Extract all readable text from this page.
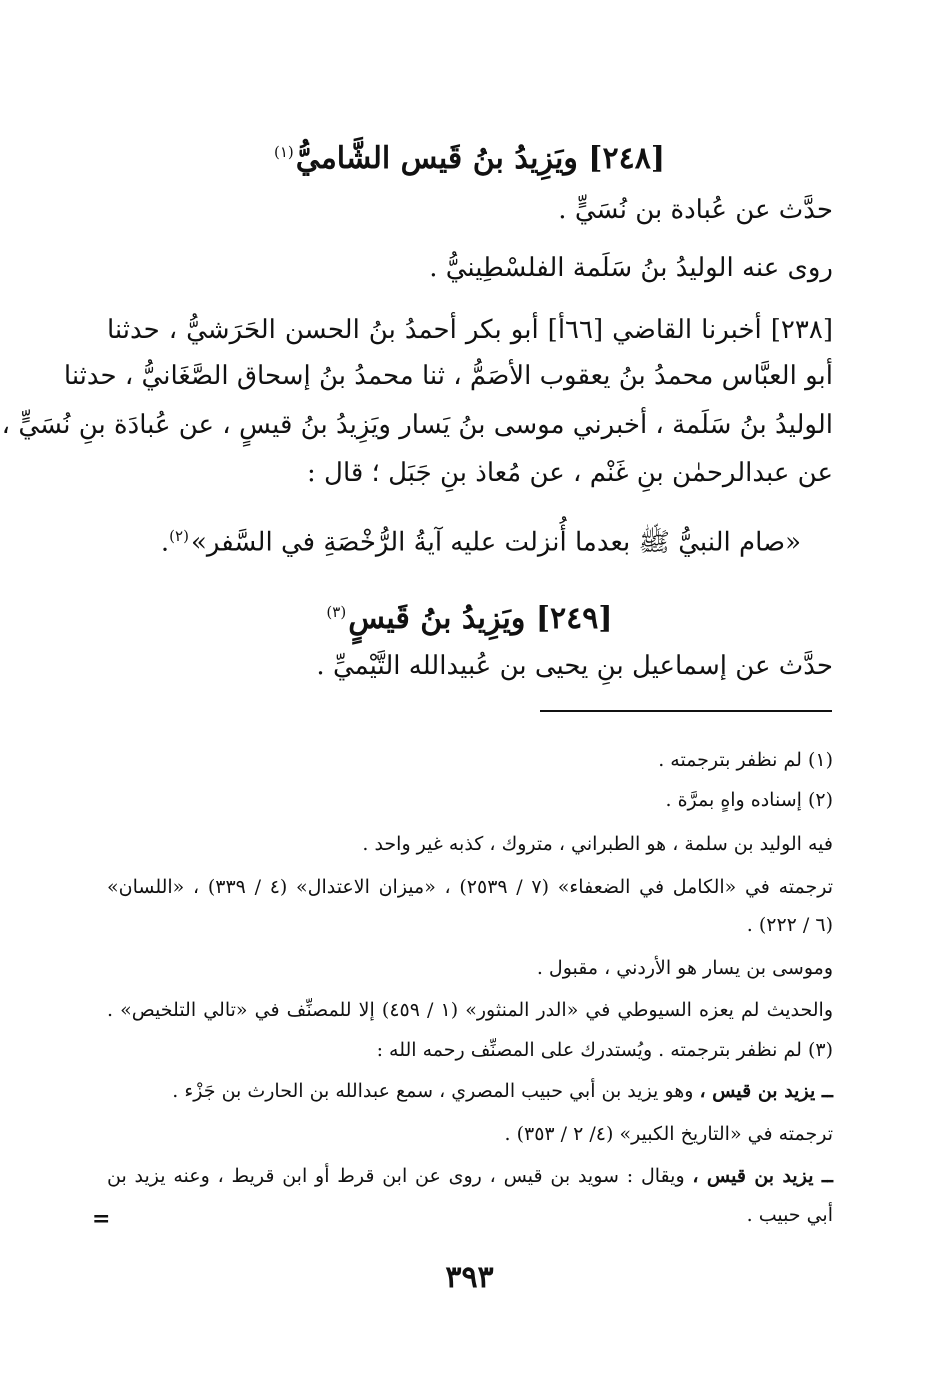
[٢٤٨] ويَزِيدُ بنُ قَيس الشَّاميُّ$^{(١)}$
حدَّث عن عُبادة بن نُسَيٍّ .
روى عنه الوليدُ بنُ سَلَمة الفلسْطِينيُّ .
[٢٣٨] أخبرنا القاضي [٦٦أ] أبو بكر أحمدُ بنُ الحسن الحَرَشيُّ ، حدثنا
أبو العبَّاس محمدُ بنُ يعقوب الأصَمُّ ، ثنا محمدُ بنُ إسحاق الصَّغَانيُّ ، حدثنا
الوليدُ بنُ سَلَمة ، أخبرني موسى بنُ يَسار ويَزِيدُ بنُ قيسٍ ، عن عُبادَة بنِ نُسَيٍّ ،
عن عبدالرحمٰن بنِ غَنْم ، عن مُعاذ بنِ جَبَل ؛ قال :
«صام النبيُّ ﷺ بعدما أُنزلت عليه آيةُ الرُّخْصَةِ في السَّفر»$^{(٢)}$.
[٢٤٩] ويَزِيدُ بنُ قَيسٍ$^{(٣)}$
حدَّث عن إسماعيل بنِ يحيى بن عُبيدالله التَّيْميِّ .
(١) لم نظفر بترجمته .
(٢) إسناده واهٍ بمرَّة .
فيه الوليد بن سلمة ، هو الطبراني ، متروك ، كذبه غير واحد .
ترجمته في «الكامل في الضعفاء» (٧ / ٢٥٣٩) ، «ميزان الاعتدال» (٤ / ٣٣٩) ، «اللسان»
(٦ / ٢٢٢) .
وموسى بن يسار هو الأردني ، مقبول .
والحديث لم يعزه السيوطي في «الدر المنثور» (١ / ٤٥٩) إلا للمصنِّف في «تالي التلخيص» .
(٣) لم نظفر بترجمته . ويُستدرك على المصنِّف رحمه الله :
ــ يزيد بن قيس ، وهو يزيد بن أبي حبيب المصري ، سمع عبدالله بن الحارث بن جَزْء .
ترجمته في «التاريخ الكبير» (٤/ ٢ / ٣٥٣) .
ــ يزيد بن قيس ، ويقال : سويد بن قيس ، روى عن ابن قرط أو ابن قريط ، وعنه يزيد بن
أبي حبيب .
=
٣٩٣
